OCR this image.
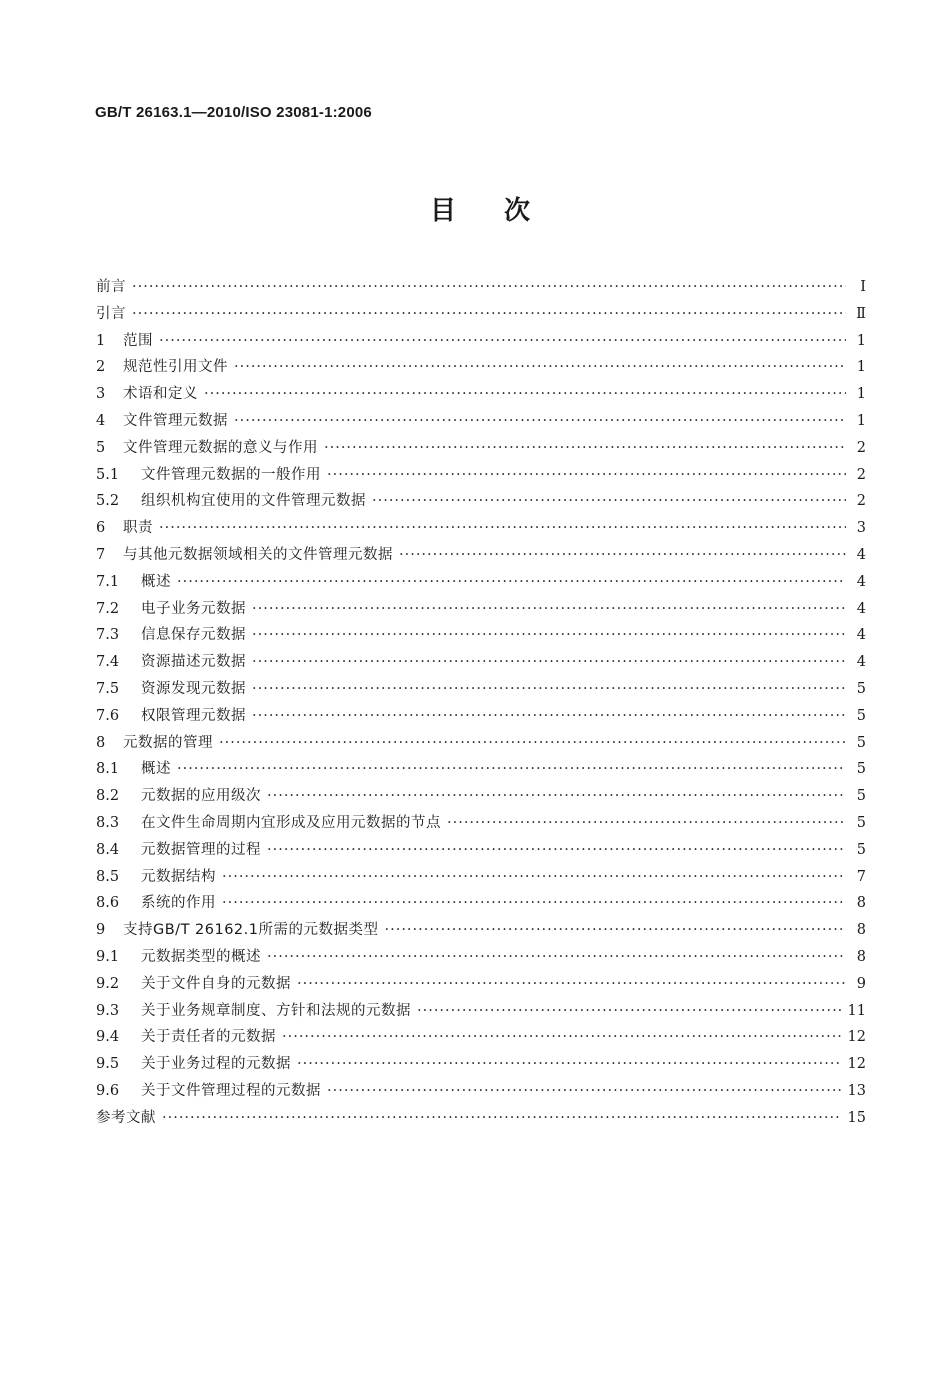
GB/T 26163.1—2010/ISO 23081-1:2006
目次
前言 ·····	Ⅰ
引言 ·····	Ⅱ
1	范围 ·····	1
2	规范性引用文件 ·····	1
3	术语和定义 ·····	1
4	文件管理元数据 ·····	1
5	文件管理元数据的意义与作用 ·····	2
5.1	文件管理元数据的一般作用 ·····	2
5.2	组织机构宜使用的文件管理元数据 ·····	2
6	职责 ·····	3
7	与其他元数据领域相关的文件管理元数据 ·····	4
7.1	概述 ·····	4
7.2	电子业务元数据 ·····	4
7.3	信息保存元数据 ·····	4
7.4	资源描述元数据 ·····	4
7.5	资源发现元数据 ·····	5
7.6	权限管理元数据 ·····	5
8	元数据的管理 ·····	5
8.1	概述 ·····	5
8.2	元数据的应用级次 ·····	5
8.3	在文件生命周期内宜形成及应用元数据的节点 ·····	5
8.4	元数据管理的过程 ·····	5
8.5	元数据结构 ·····	7
8.6	系统的作用 ·····	8
9	支持GB/T 26162.1所需的元数据类型 ·····	8
9.1	元数据类型的概述 ·····	8
9.2	关于文件自身的元数据 ·····	9
9.3	关于业务规章制度、方针和法规的元数据 ·····	11
9.4	关于责任者的元数据 ·····	12
9.5	关于业务过程的元数据 ·····	12
9.6	关于文件管理过程的元数据 ·····	13
参考文献 ·····	15
